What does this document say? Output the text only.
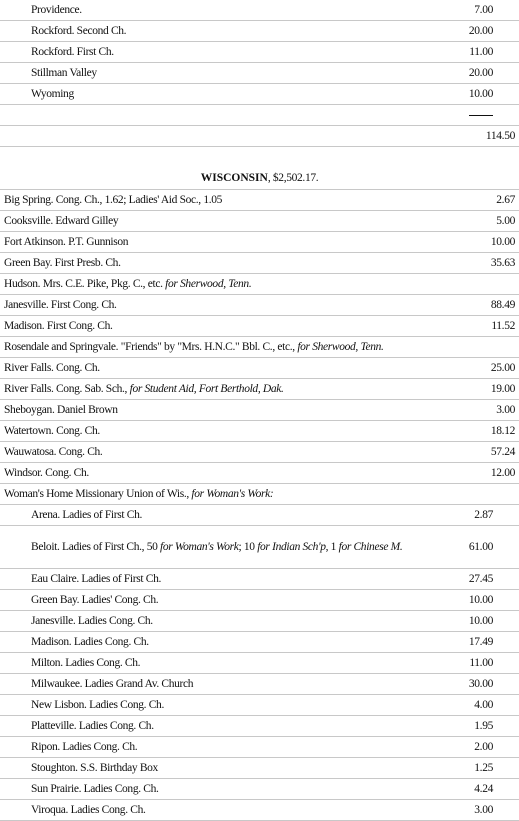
Providence.	7.00
Rockford. Second Ch.	20.00
Rockford. First Ch.	11.00
Stillman Valley	20.00
Wyoming	10.00

	114.50
WISCONSIN, $2,502.17.	
Big Spring. Cong. Ch., 1.62; Ladies' Aid Soc., 1.05	2.67
Cooksville. Edward Gilley	5.00
Fort Atkinson. P.T. Gunnison	10.00
Green Bay. First Presb. Ch.	35.63
Hudson. Mrs. C.E. Pike, Pkg. C., etc. for Sherwood, Tenn.	
Janesville. First Cong. Ch.	88.49
Madison. First Cong. Ch.	11.52
Rosendale and Springvale. "Friends" by "Mrs. H.N.C." Bbl. C., etc., for Sherwood, Tenn.	
River Falls. Cong. Ch.	25.00
River Falls. Cong. Sab. Sch., for Student Aid, Fort Berthold, Dak.	19.00
Sheboygan. Daniel Brown	3.00
Watertown. Cong. Ch.	18.12
Wauwatosa. Cong. Ch.	57.24
Windsor. Cong. Ch.	12.00
Woman's Home Missionary Union of Wis., for Woman's Work:	
Arena. Ladies of First Ch.	2.87

Beloit. Ladies of First Ch., 50 for Woman's Work; 10 for Indian Sch'p, 1 for Chinese M.	61.00
Eau Claire. Ladies of First Ch.	27.45
Green Bay. Ladies' Cong. Ch.	10.00
Janesville. Ladies Cong. Ch.	10.00
Madison. Ladies Cong. Ch.	17.49
Milton. Ladies Cong. Ch.	11.00
Milwaukee. Ladies Grand Av. Church	30.00
New Lisbon. Ladies Cong. Ch.	4.00
Platteville. Ladies Cong. Ch.	1.95
Ripon. Ladies Cong. Ch.	2.00
Stoughton. S.S. Birthday Box	1.25
Sun Prairie. Ladies Cong. Ch.	4.24
Viroqua. Ladies Cong. Ch.	3.00
